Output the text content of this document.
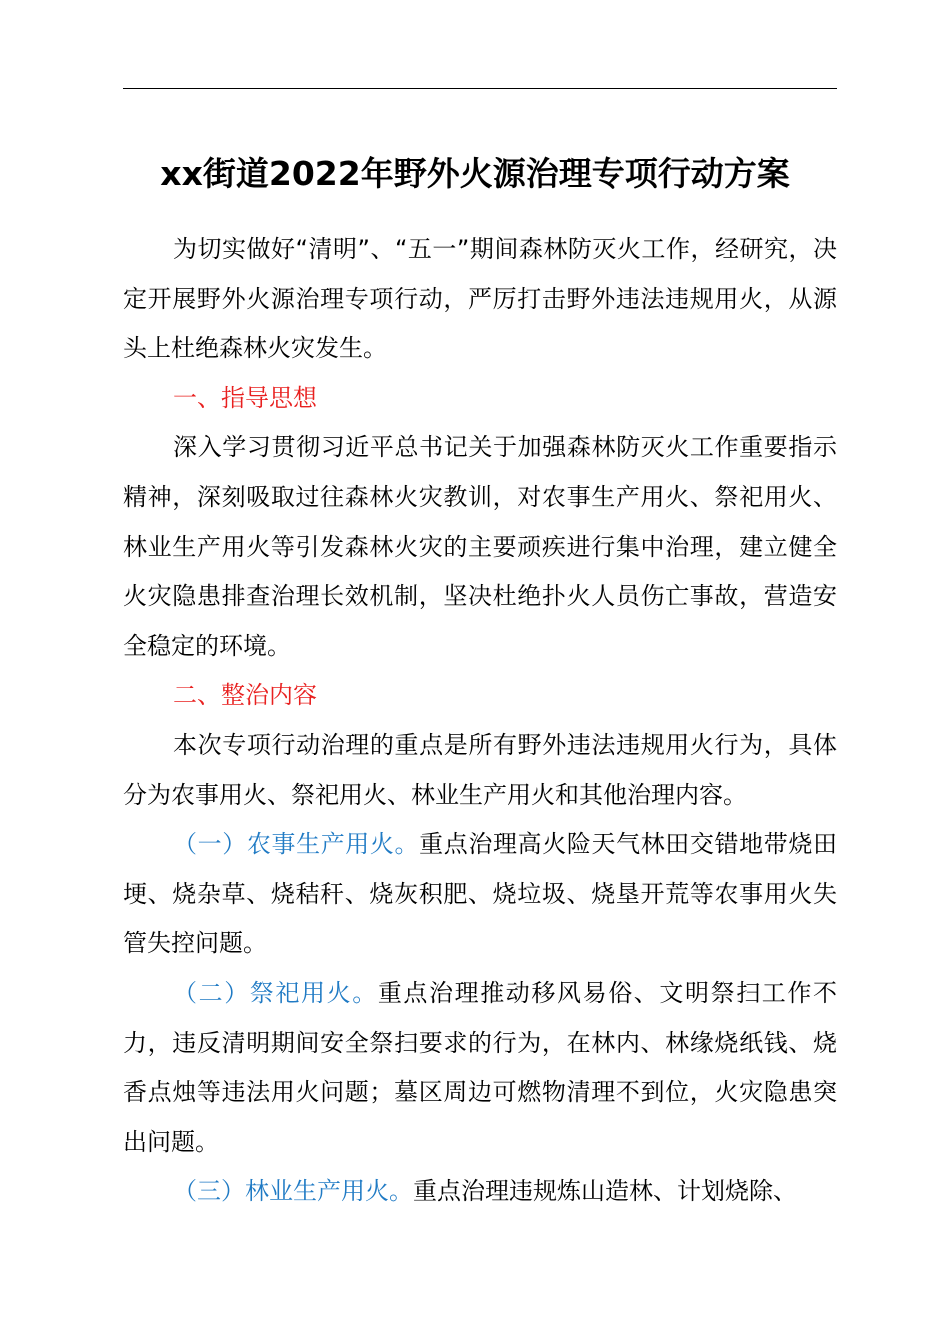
xx街道2022年野外火源治理专项行动方案

为切实做好“清明”、“五一”期间森林防灭火工作，经研究，决定开展野外火源治理专项行动，严厉打击野外违法违规用火，从源头上杜绝森林火灾发生。

一、指导思想

深入学习贯彻习近平总书记关于加强森林防灭火工作重要指示精神，深刻吸取过往森林火灾教训，对农事生产用火、祭祀用火、林业生产用火等引发森林火灾的主要顽疾进行集中治理，建立健全火灾隐患排查治理长效机制，坚决杜绝扑火人员伤亡事故，营造安全稳定的环境。

二、整治内容

本次专项行动治理的重点是所有野外违法违规用火行为，具体分为农事用火、祭祀用火、林业生产用火和其他治理内容。

（一）农事生产用火。重点治理高火险天气林田交错地带烧田埂、烧杂草、烧秸秆、烧灰积肥、烧垃圾、烧垦开荒等农事用火失管失控问题。

（二）祭祀用火。重点治理推动移风易俗、文明祭扫工作不力，违反清明期间安全祭扫要求的行为，在林内、林缘烧纸钱、烧香点烛等违法用火问题；墓区周边可燃物清理不到位，火灾隐患突出问题。

（三）林业生产用火。重点治理违规炼山造林、计划烧除、
